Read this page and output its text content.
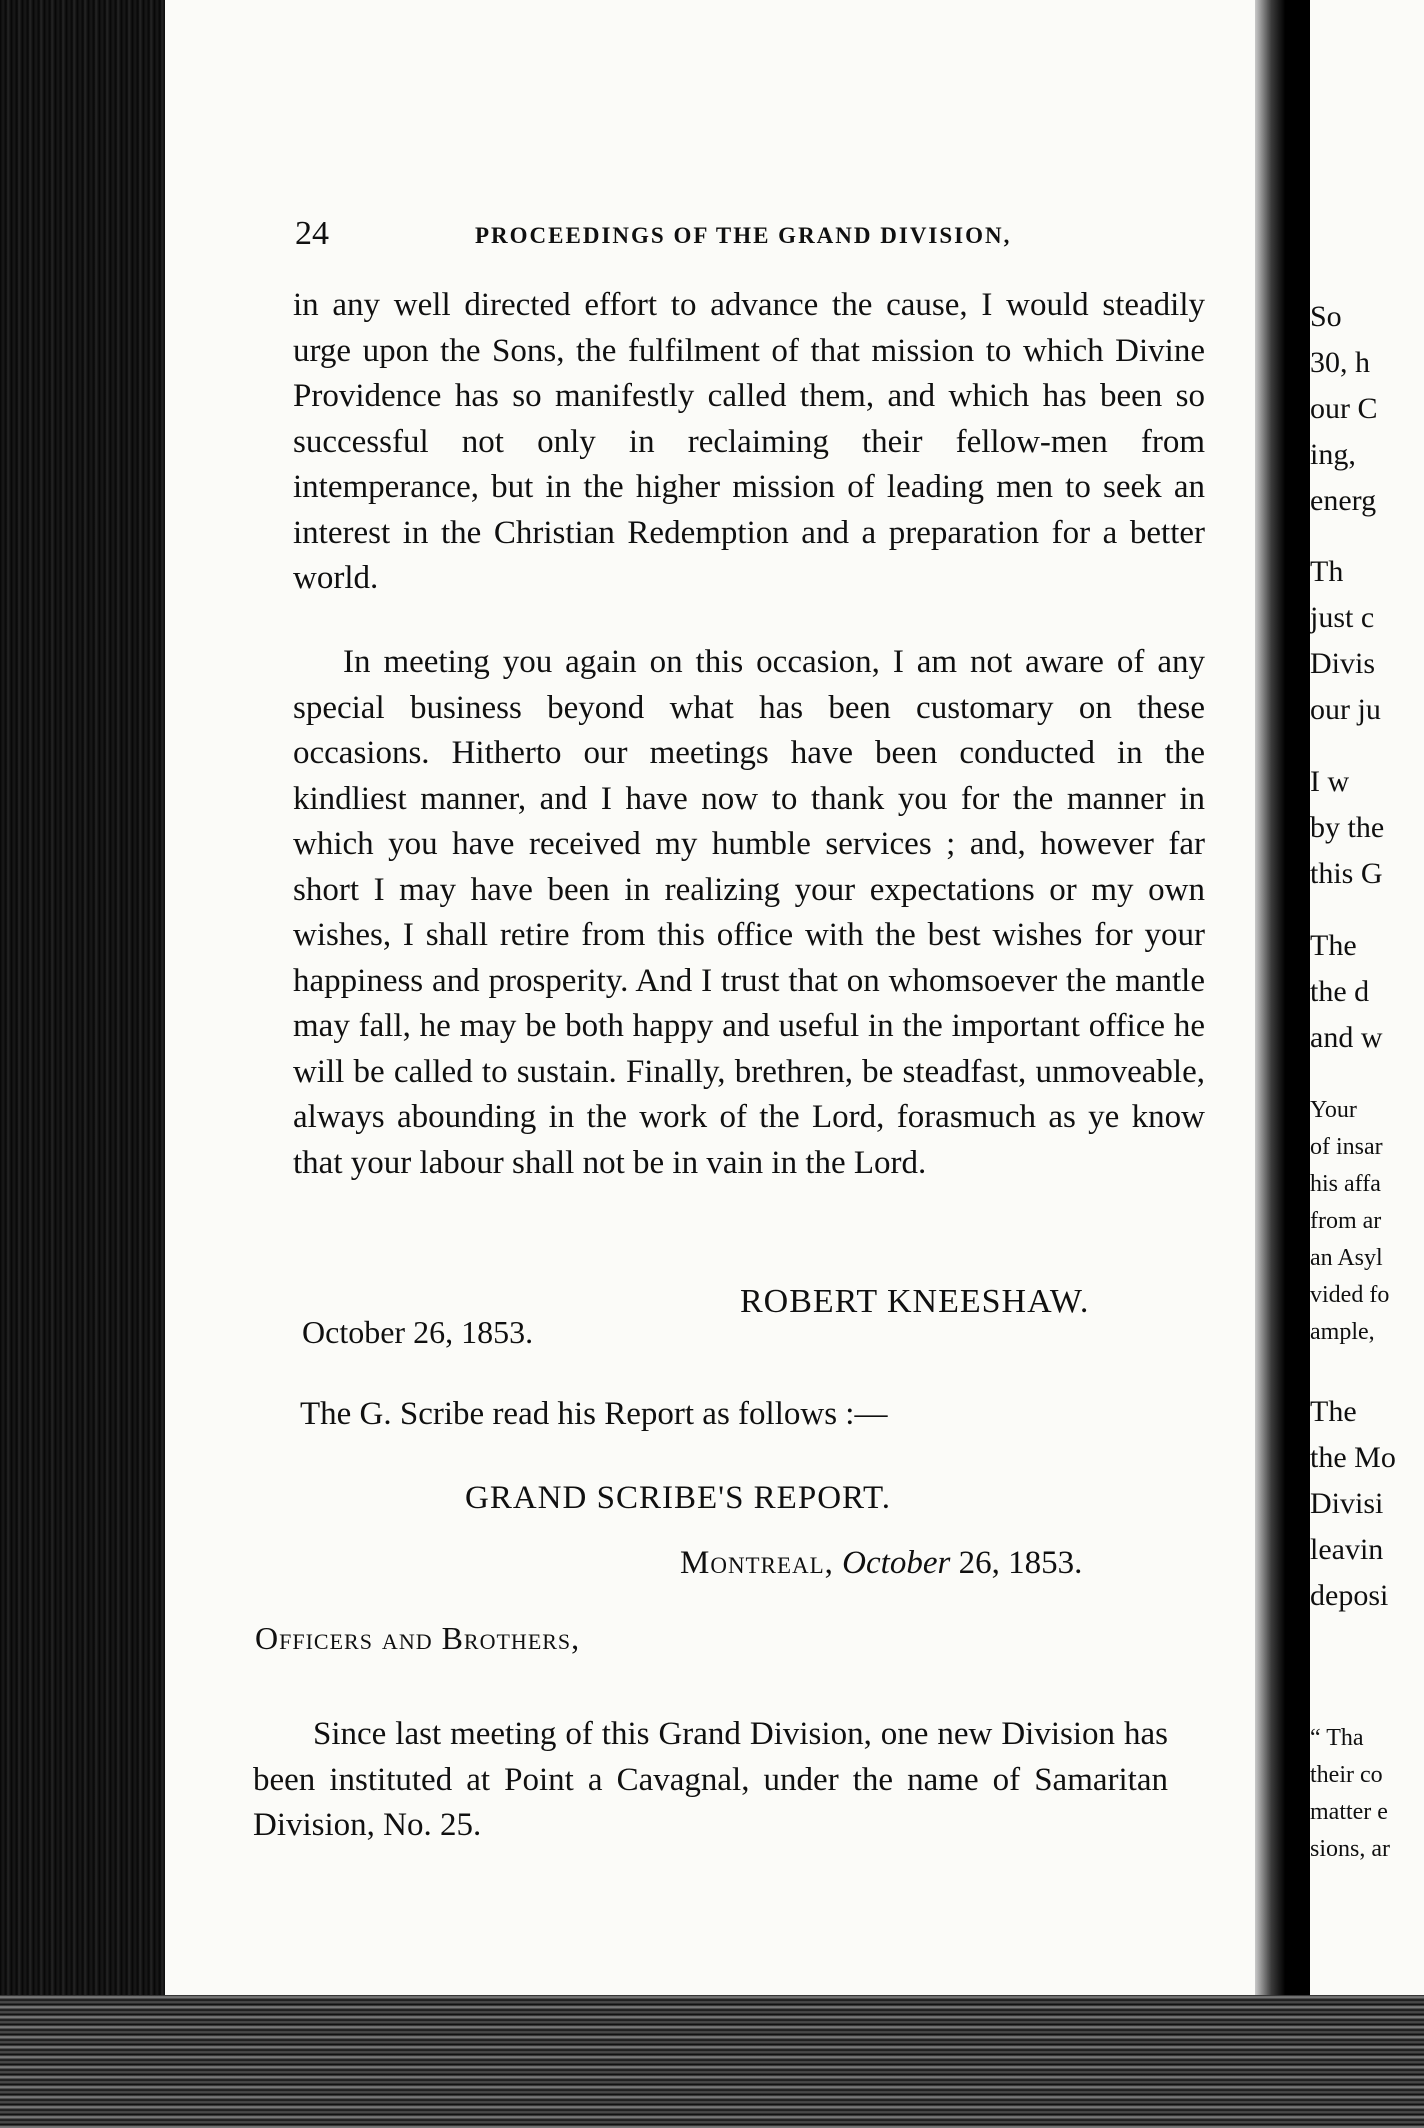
24	PROCEEDINGS OF THE GRAND DIVISION,

in any well directed effort to advance the cause, I would steadily urge upon the Sons, the fulfilment of that mission to which Divine Providence has so manifestly called them, and which has been so successful not only in reclaiming their fellow-men from intemperance, but in the higher mission of leading men to seek an interest in the Christian Redemption and a preparation for a better world.

In meeting you again on this occasion, I am not aware of any special business beyond what has been customary on these occasions. Hitherto our meetings have been conducted in the kindliest manner, and I have now to thank you for the manner in which you have received my humble services ; and, however far short I may have been in realizing your expectations or my own wishes, I shall retire from this office with the best wishes for your happiness and prosperity. And I trust that on whomsoever the mantle may fall, he may be both happy and useful in the important office he will be called to sustain. Finally, brethren, be steadfast, unmoveable, always abounding in the work of the Lord, forasmuch as ye know that your labour shall not be in vain in the Lord.

ROBERT KNEESHAW.
October 26, 1853.
The G. Scribe read his Report as follows :—
GRAND SCRIBE'S REPORT.
Montreal, October 26, 1853.
Officers and Brothers,

Since last meeting of this Grand Division, one new Division has been instituted at Point a Cavagnal, under the name of Samaritan Division, No. 25.

So
30, h
our C
ing,
energ
Th
just c
Divis
our ju
I w
by the
this G
The
the d
and w
Your
of insar
his affa
from ar
an Asyl
vided fo
ample,
The
the Mo
Divisi
leavin
deposi
“ Tha
their co
matter e
sions, ar
